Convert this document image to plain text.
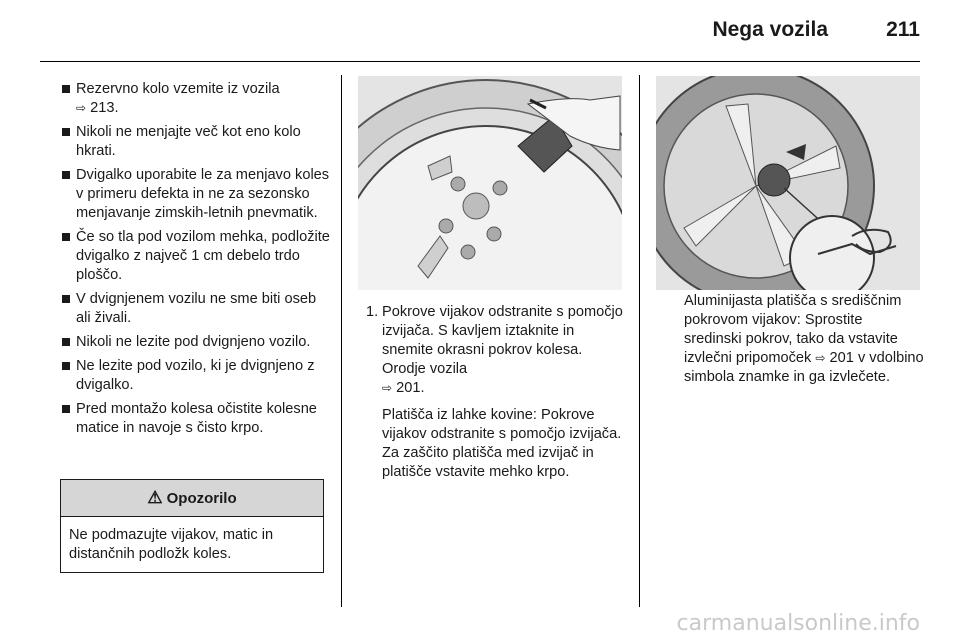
Nega vozila	211
Rezervno kolo vzemite iz vozila
⇨ 213.
Nikoli ne menjajte več kot eno kolo hkrati.
Dvigalko uporabite le za menjavo koles v primeru defekta in ne za sezonsko menjavanje zimskih-letnih pnevmatik.
Če so tla pod vozilom mehka, podložite dvigalko z največ 1 cm debelo trdo ploščo.
V dvignjenem vozilu ne sme biti oseb ali živali.
Nikoli ne lezite pod dvignjeno vozilo.
Ne lezite pod vozilo, ki je dvignjeno z dvigalko.
Pred montažo kolesa očistite kolesne matice in navoje s čisto krpo.
⚠ Opozorilo
Ne podmazujte vijakov, matic in distančnih podložk koles.
1. Pokrove vijakov odstranite s pomočjo izvijača. S kavljem iztaknite in snemite okrasni pokrov kolesa. Orodje vozila
⇨ 201.

Platišča iz lahke kovine: Pokrove vijakov odstranite s pomočjo izvijača. Za zaščito platišča med izvijač in platišče vstavite mehko krpo.

Aluminijasta platišča s središčnim pokrovom vijakov: Sprostite sredinski pokrov, tako da vstavite izvlečni pripomoček ⇨ 201 v vdolbino simbola znamke in ga izvlečete.
carmanualsonline.info
